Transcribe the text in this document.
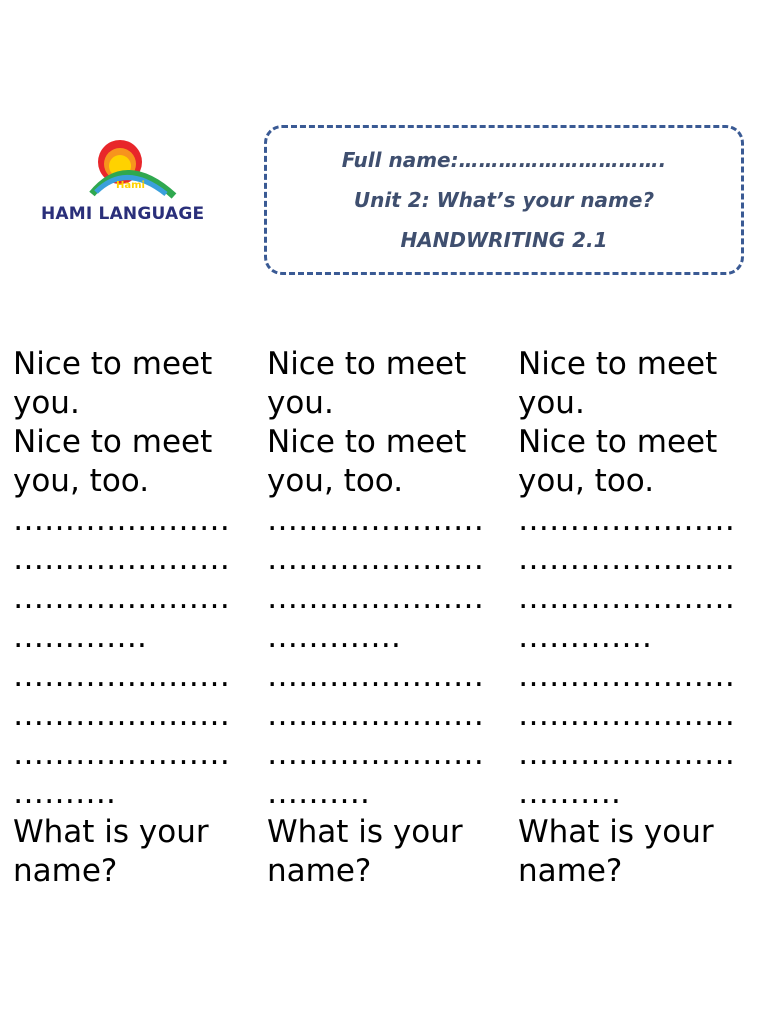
Hami
HAMI LANGUAGE
Full name:………………………….
Unit 2: What’s your name?
HANDWRITING 2.1
Nice to meet
you.
Nice to meet
you, too.
…………………
…………………
…………………
………….
…………………
…………………
…………………
……….
What is your
name?
Nice to meet
you.
Nice to meet
you, too.
…………………
…………………
…………………
………….
…………………
…………………
…………………
……….
What is your
name?
Nice to meet
you.
Nice to meet
you, too.
…………………
…………………
…………………
………….
…………………
…………………
…………………
……….
What is your
name?
